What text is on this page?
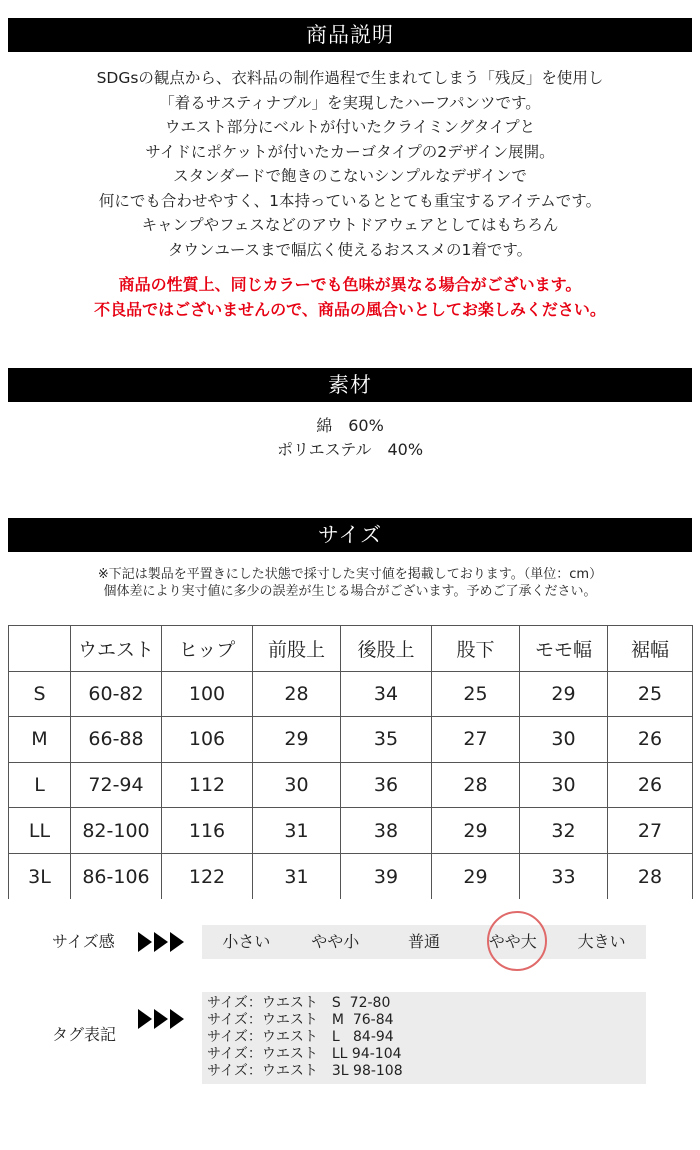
商品説明
SDGsの観点から、衣料品の制作過程で生まれてしまう「残反」を使用し
「着るサスティナブル」を実現したハーフパンツです。
ウエスト部分にベルトが付いたクライミングタイプと
サイドにポケットが付いたカーゴタイプの2デザイン展開。
スタンダードで飽きのこないシンプルなデザインで
何にでも合わせやすく、1本持っているととても重宝するアイテムです。
キャンプやフェスなどのアウトドアウェアとしてはもちろん
タウンユースまで幅広く使えるおススメの1着です。
商品の性質上、同じカラーでも色味が異なる場合がございます。
不良品ではございませんので、商品の風合いとしてお楽しみください。
素材
綿　60%
ポリエステル　40%
サイズ
※下記は製品を平置きにした状態で採寸した実寸値を掲載しております。（単位：cm）
個体差により実寸値に多少の誤差が生じる場合がございます。予めご了承ください。
	ウエスト	ヒップ	前股上	後股上	股下	モモ幅	裾幅
S	60-82	100	28	34	25	29	25
M	66-88	106	29	35	27	30	26
L	72-94	112	30	36	28	30	26
LL	82-100	116	31	38	29	32	27
3L	86-106	122	31	39	29	33	28
サイズ感	小さい	やや小	普通	やや大	大きい
タグ表記
サイズ：ウエスト　S  72-80
サイズ：ウエスト　M  76-84
サイズ：ウエスト　L   84-94
サイズ：ウエスト　LL 94-104
サイズ：ウエスト　3L 98-108
